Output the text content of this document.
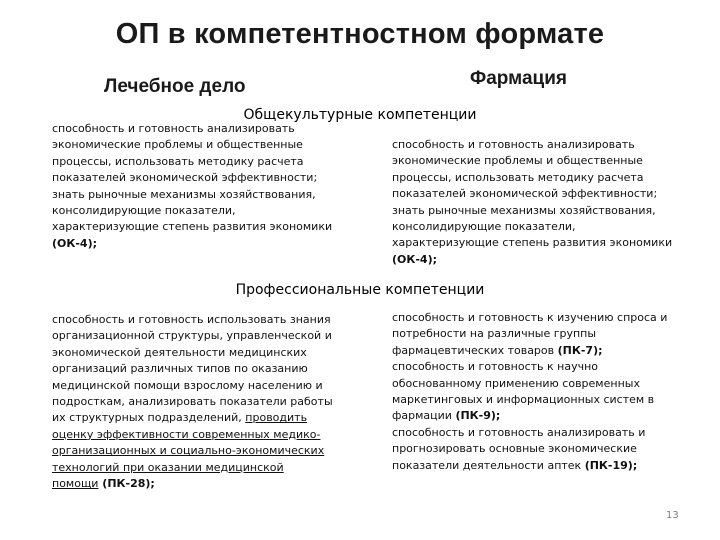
ОП в компетентностном формате
Лечебное дело	Фармация
Общекультурные компетенции
способность и готовность анализировать
экономические проблемы и общественные
процессы, использовать методику расчета
показателей экономической эффективности;
знать рыночные механизмы хозяйствования,
консолидирующие показатели,
характеризующие степень развития экономики
(ОК-4);
способность и готовность анализировать
экономические проблемы и общественные
процессы, использовать методику расчета
показателей экономической эффективности;
знать рыночные механизмы хозяйствования,
консолидирующие показатели,
характеризующие степень развития экономики
(ОК-4);
Профессиональные компетенции
способность и готовность использовать знания
организационной структуры, управленческой и
экономической деятельности медицинских
организаций различных типов по оказанию
медицинской помощи взрослому населению и
подросткам, анализировать показатели работы
их структурных подразделений, проводить
оценку эффективности современных медико-
организационных и социально-экономических
технологий при оказании медицинской
помощи (ПК-28);
способность и готовность к изучению спроса и
потребности на различные группы
фармацевтических товаров (ПК-7);
способность и готовность к научно
обоснованному применению современных
маркетинговых и информационных систем в
фармации (ПК-9);
способность и готовность анализировать и
прогнозировать основные экономические
показатели деятельности аптек (ПК-19);
13
